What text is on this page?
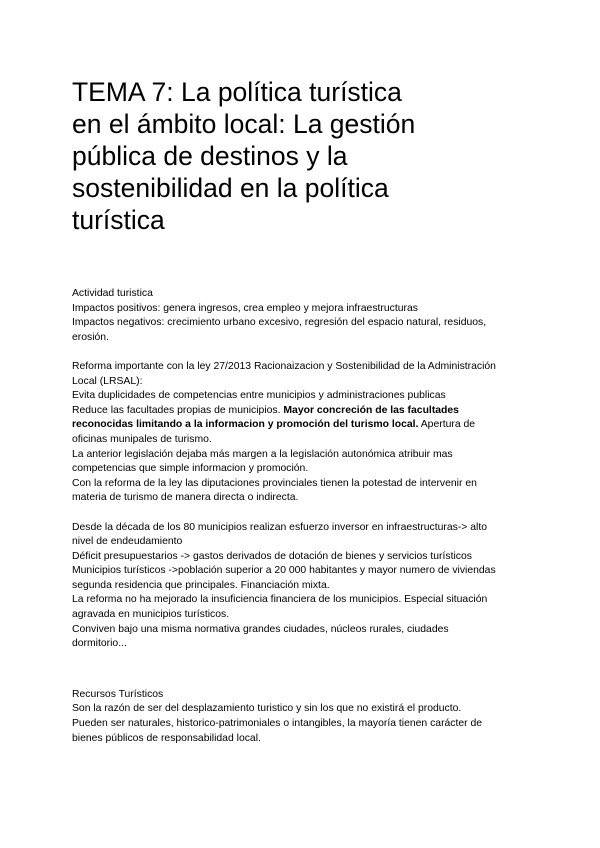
TEMA 7: La política turística
en el ámbito local: La gestión
pública de destinos y la
sostenibilidad en la política
turística
Actividad turistica
Impactos positivos: genera ingresos, crea empleo y mejora infraestructuras
Impactos negativos: crecimiento urbano excesivo, regresión del espacio natural, residuos,
erosión.
Reforma importante con la ley 27/2013 Racionaizacion y Sostenibilidad de la Administración
Local (LRSAL):
Evita duplicidades de competencias entre municipios y administraciones publicas
Reduce las facultades propias de municipios. Mayor concreción de las facultades
reconocidas limitando a la informacion y promoción del turismo local. Apertura de
oficinas munipales de turismo.
La anterior legislación dejaba más margen a la legislación autonómica atribuir mas
competencias que simple informacion y promoción.
Con la reforma de la ley las diputaciones provinciales tienen la potestad de intervenir en
materia de turismo de manera directa o indirecta.
Desde la década de los 80 municipios realizan esfuerzo inversor en infraestructuras-> alto
nivel de endeudamiento
Déficit presupuestarios -> gastos derivados de dotación de bienes y servicios turísticos
Municipios turísticos ->población superior a 20 000 habitantes y mayor numero de viviendas
segunda residencia que principales. Financiación mixta.
La reforma no ha mejorado la insuficiencia financiera de los municipios. Especial situación
agravada en municipios turísticos.
Conviven bajo una misma normativa grandes ciudades, núcleos rurales, ciudades
dormitorio...
Recursos Turísticos
Son la razón de ser del desplazamiento turistico y sin los que no existirá el producto.
Pueden ser naturales, historico-patrimoniales o intangibles, la mayoría tienen carácter de
bienes públicos de responsabilidad local.
